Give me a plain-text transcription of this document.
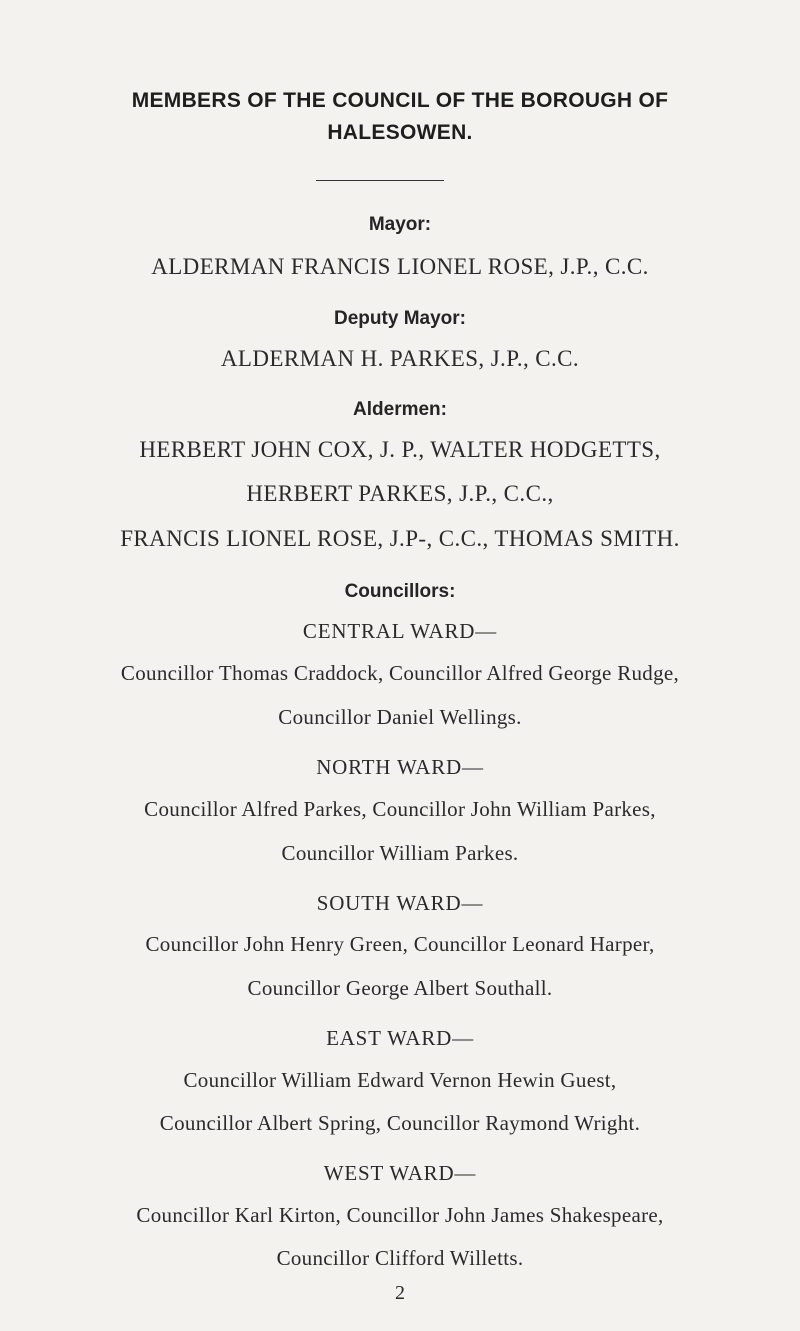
MEMBERS OF THE COUNCIL OF THE BOROUGH OF
HALESOWEN.
Mayor:
ALDERMAN FRANCIS LIONEL ROSE, J.P., C.C.
Deputy Mayor:
ALDERMAN H. PARKES, J.P., C.C.
Aldermen:
HERBERT JOHN COX, J. P., WALTER HODGETTS,
HERBERT PARKES, J.P., C.C.,
FRANCIS LIONEL ROSE, J.P-, C.C., THOMAS SMITH.
Councillors:
CENTRAL WARD—
Councillor Thomas Craddock, Councillor Alfred George Rudge,
Councillor Daniel Wellings.
NORTH WARD—
Councillor Alfred Parkes, Councillor John William Parkes,
Councillor William Parkes.
SOUTH WARD—
Councillor John Henry Green, Councillor Leonard Harper,
Councillor George Albert Southall.
EAST WARD—
Councillor William Edward Vernon Hewin Guest,
Councillor Albert Spring, Councillor Raymond Wright.
WEST WARD—
Councillor Karl Kirton, Councillor John James Shakespeare,
Councillor Clifford Willetts.
2
